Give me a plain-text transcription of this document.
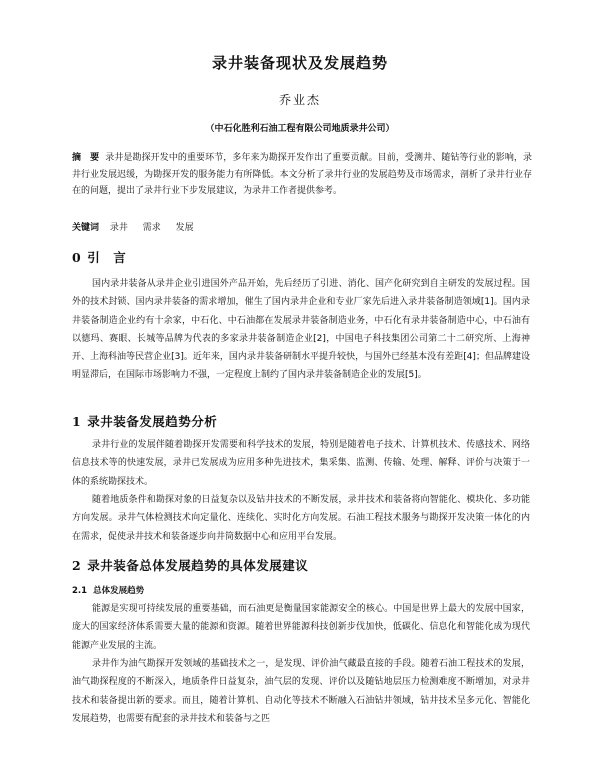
录井装备现状及发展趋势
乔业杰
（中石化胜利石油工程有限公司地质录井公司）
摘　要 录井是勘探开发中的重要环节，多年来为勘探开发作出了重要贡献。目前，受测井、随钻等行业的影响，录井行业发展迟缓，为勘探开发的服务能力有所降低。本文分析了录井行业的发展趋势及市场需求，剖析了录井行业存在的问题，提出了录井行业下步发展建议，为录井工作者提供参考。
关键词 录井 需求 发展
0 引　言
国内录井装备从录井企业引进国外产品开始，先后经历了引进、消化、国产化研究到自主研发的发展过程。国外的技术封锁、国内录井装备的需求增加，催生了国内录井企业和专业厂家先后进入录井装备制造领域[1]。国内录井装备制造企业约有十余家，中石化、中石油都在发展录井装备制造业务，中石化有录井装备制造中心，中石油有以德玛、赛眼、长城等品牌为代表的多家录井装备制造企业[2]，中国电子科技集团公司第二十二研究所、上海神开、上海科油等民营企业[3]。近年来，国内录井装备研制水平提升较快，与国外已经基本没有差距[4]；但品牌建设明显滞后，在国际市场影响力不强，一定程度上制约了国内录井装备制造企业的发展[5]。
1 录井装备发展趋势分析
录井行业的发展伴随着勘探开发需要和科学技术的发展，特别是随着电子技术、计算机技术、传感技术、网络信息技术等的快速发展，录井已发展成为应用多种先进技术，集采集、监测、传输、处理、解释、评价与决策于一体的系统勘探技术。
随着地质条件和勘探对象的日益复杂以及钻井技术的不断发展，录井技术和装备将向智能化、模块化、多功能方向发展。录井气体检测技术向定量化、连续化、实时化方向发展。石油工程技术服务与勘探开发决策一体化的内在需求，促使录井技术和装备逐步向井筒数据中心和应用平台发展。
2 录井装备总体发展趋势的具体发展建议
2.1 总体发展趋势
能源是实现可持续发展的重要基础，而石油更是衡量国家能源安全的核心。中国是世界上最大的发展中国家，庞大的国家经济体系需要大量的能源和资源。随着世界能源科技创新步伐加快，低碳化、信息化和智能化成为现代能源产业发展的主流。
录井作为油气勘探开发领域的基础技术之一，是发现、评价油气藏最直接的手段。随着石油工程技术的发展，油气勘探程度的不断深入，地质条件日益复杂，油气层的发现、评价以及随钻地层压力检测难度不断增加，对录井技术和装备提出新的要求。而且，随着计算机、自动化等技术不断融入石油钻井领域，钻井技术呈多元化、智能化发展趋势，也需要有配套的录井技术和装备与之匹
